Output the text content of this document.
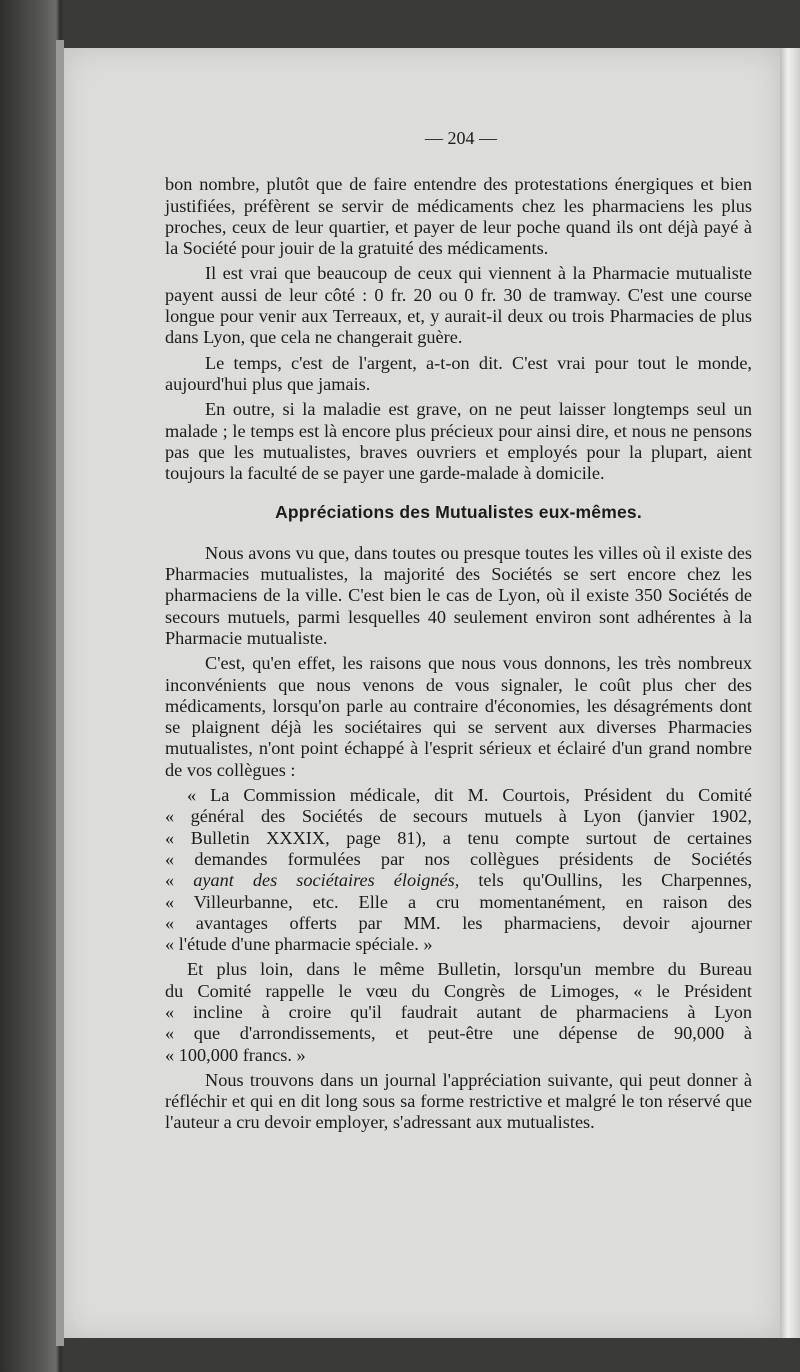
— 204 —

bon nombre, plutôt que de faire entendre des protestations énergiques et bien justifiées, préfèrent se servir de médicaments chez les pharmaciens les plus proches, ceux de leur quartier, et payer de leur poche quand ils ont déjà payé à la Société pour jouir de la gratuité des médicaments.

Il est vrai que beaucoup de ceux qui viennent à la Pharmacie mutualiste payent aussi de leur côté : 0 fr. 20 ou 0 fr. 30 de tramway. C'est une course longue pour venir aux Terreaux, et, y aurait-il deux ou trois Pharmacies de plus dans Lyon, que cela ne changerait guère.

Le temps, c'est de l'argent, a-t-on dit. C'est vrai pour tout le monde, aujourd'hui plus que jamais.

En outre, si la maladie est grave, on ne peut laisser longtemps seul un malade ; le temps est là encore plus précieux pour ainsi dire, et nous ne pensons pas que les mutualistes, braves ouvriers et employés pour la plupart, aient toujours la faculté de se payer une garde-malade à domicile.

Appréciations des Mutualistes eux-mêmes.

Nous avons vu que, dans toutes ou presque toutes les villes où il existe des Pharmacies mutualistes, la majorité des Sociétés se sert encore chez les pharmaciens de la ville. C'est bien le cas de Lyon, où il existe 350 Sociétés de secours mutuels, parmi lesquelles 40 seulement environ sont adhérentes à la Pharmacie mutualiste.

C'est, qu'en effet, les raisons que nous vous donnons, les très nombreux inconvénients que nous venons de vous signaler, le coût plus cher des médicaments, lorsqu'on parle au contraire d'économies, les désagréments dont se plaignent déjà les sociétaires qui se servent aux diverses Pharmacies mutualistes, n'ont point échappé à l'esprit sérieux et éclairé d'un grand nombre de vos collègues :

« La Commission médicale, dit M. Courtois, Président du Comité
« général des Sociétés de secours mutuels à Lyon (janvier 1902,
« Bulletin XXXIX, page 81), a tenu compte surtout de certaines
« demandes formulées par nos collègues présidents de Sociétés
« ayant des sociétaires éloignés, tels qu'Oullins, les Charpennes,
« Villeurbanne, etc. Elle a cru momentanément, en raison des
« avantages offerts par MM. les pharmaciens, devoir ajourner
« l'étude d'une pharmacie spéciale. »
Et plus loin, dans le même Bulletin, lorsqu'un membre du Bureau
du Comité rappelle le vœu du Congrès de Limoges, « le Président
« incline à croire qu'il faudrait autant de pharmaciens à Lyon
« que d'arrondissements, et peut-être une dépense de 90,000 à
« 100,000 francs. »

Nous trouvons dans un journal l'appréciation suivante, qui peut donner à réfléchir et qui en dit long sous sa forme restrictive et malgré le ton réservé que l'auteur a cru devoir employer, s'adressant aux mutualistes.
